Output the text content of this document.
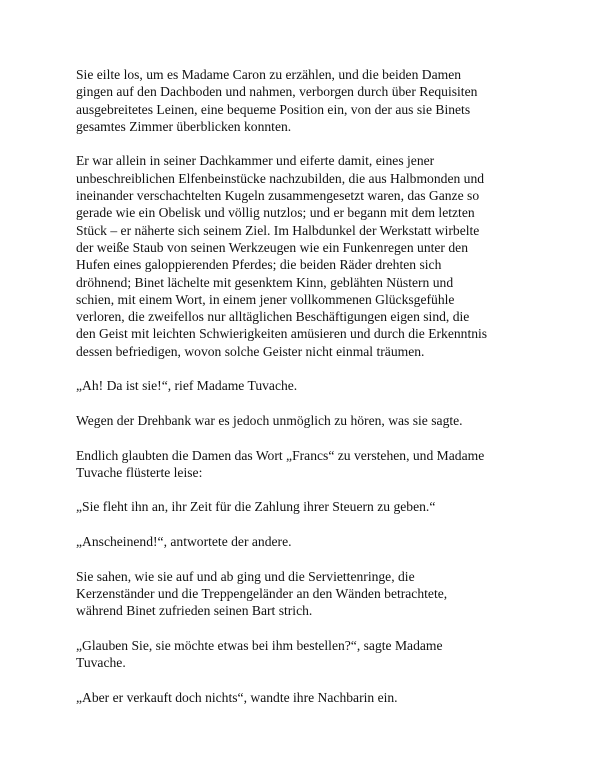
Sie eilte los, um es Madame Caron zu erzählen, und die beiden Damen
gingen auf den Dachboden und nahmen, verborgen durch über Requisiten
ausgebreitetes Leinen, eine bequeme Position ein, von der aus sie Binets
gesamtes Zimmer überblicken konnten.

Er war allein in seiner Dachkammer und eiferte damit, eines jener
unbeschreiblichen Elfenbeinstücke nachzubilden, die aus Halbmonden und
ineinander verschachtelten Kugeln zusammengesetzt waren, das Ganze so
gerade wie ein Obelisk und völlig nutzlos; und er begann mit dem letzten
Stück – er näherte sich seinem Ziel. Im Halbdunkel der Werkstatt wirbelte
der weiße Staub von seinen Werkzeugen wie ein Funkenregen unter den
Hufen eines galoppierenden Pferdes; die beiden Räder drehten sich
dröhnend; Binet lächelte mit gesenktem Kinn, geblähten Nüstern und
schien, mit einem Wort, in einem jener vollkommenen Glücksgefühle
verloren, die zweifellos nur alltäglichen Beschäftigungen eigen sind, die
den Geist mit leichten Schwierigkeiten amüsieren und durch die Erkenntnis
dessen befriedigen, wovon solche Geister nicht einmal träumen.

„Ah! Da ist sie!“, rief Madame Tuvache.

Wegen der Drehbank war es jedoch unmöglich zu hören, was sie sagte.

Endlich glaubten die Damen das Wort „Francs“ zu verstehen, und Madame
Tuvache flüsterte leise:

„Sie fleht ihn an, ihr Zeit für die Zahlung ihrer Steuern zu geben.“

„Anscheinend!“, antwortete der andere.

Sie sahen, wie sie auf und ab ging und die Serviettenringe, die
Kerzenständer und die Treppengeländer an den Wänden betrachtete,
während Binet zufrieden seinen Bart strich.

„Glauben Sie, sie möchte etwas bei ihm bestellen?“, sagte Madame
Tuvache.

„Aber er verkauft doch nichts“, wandte ihre Nachbarin ein.
